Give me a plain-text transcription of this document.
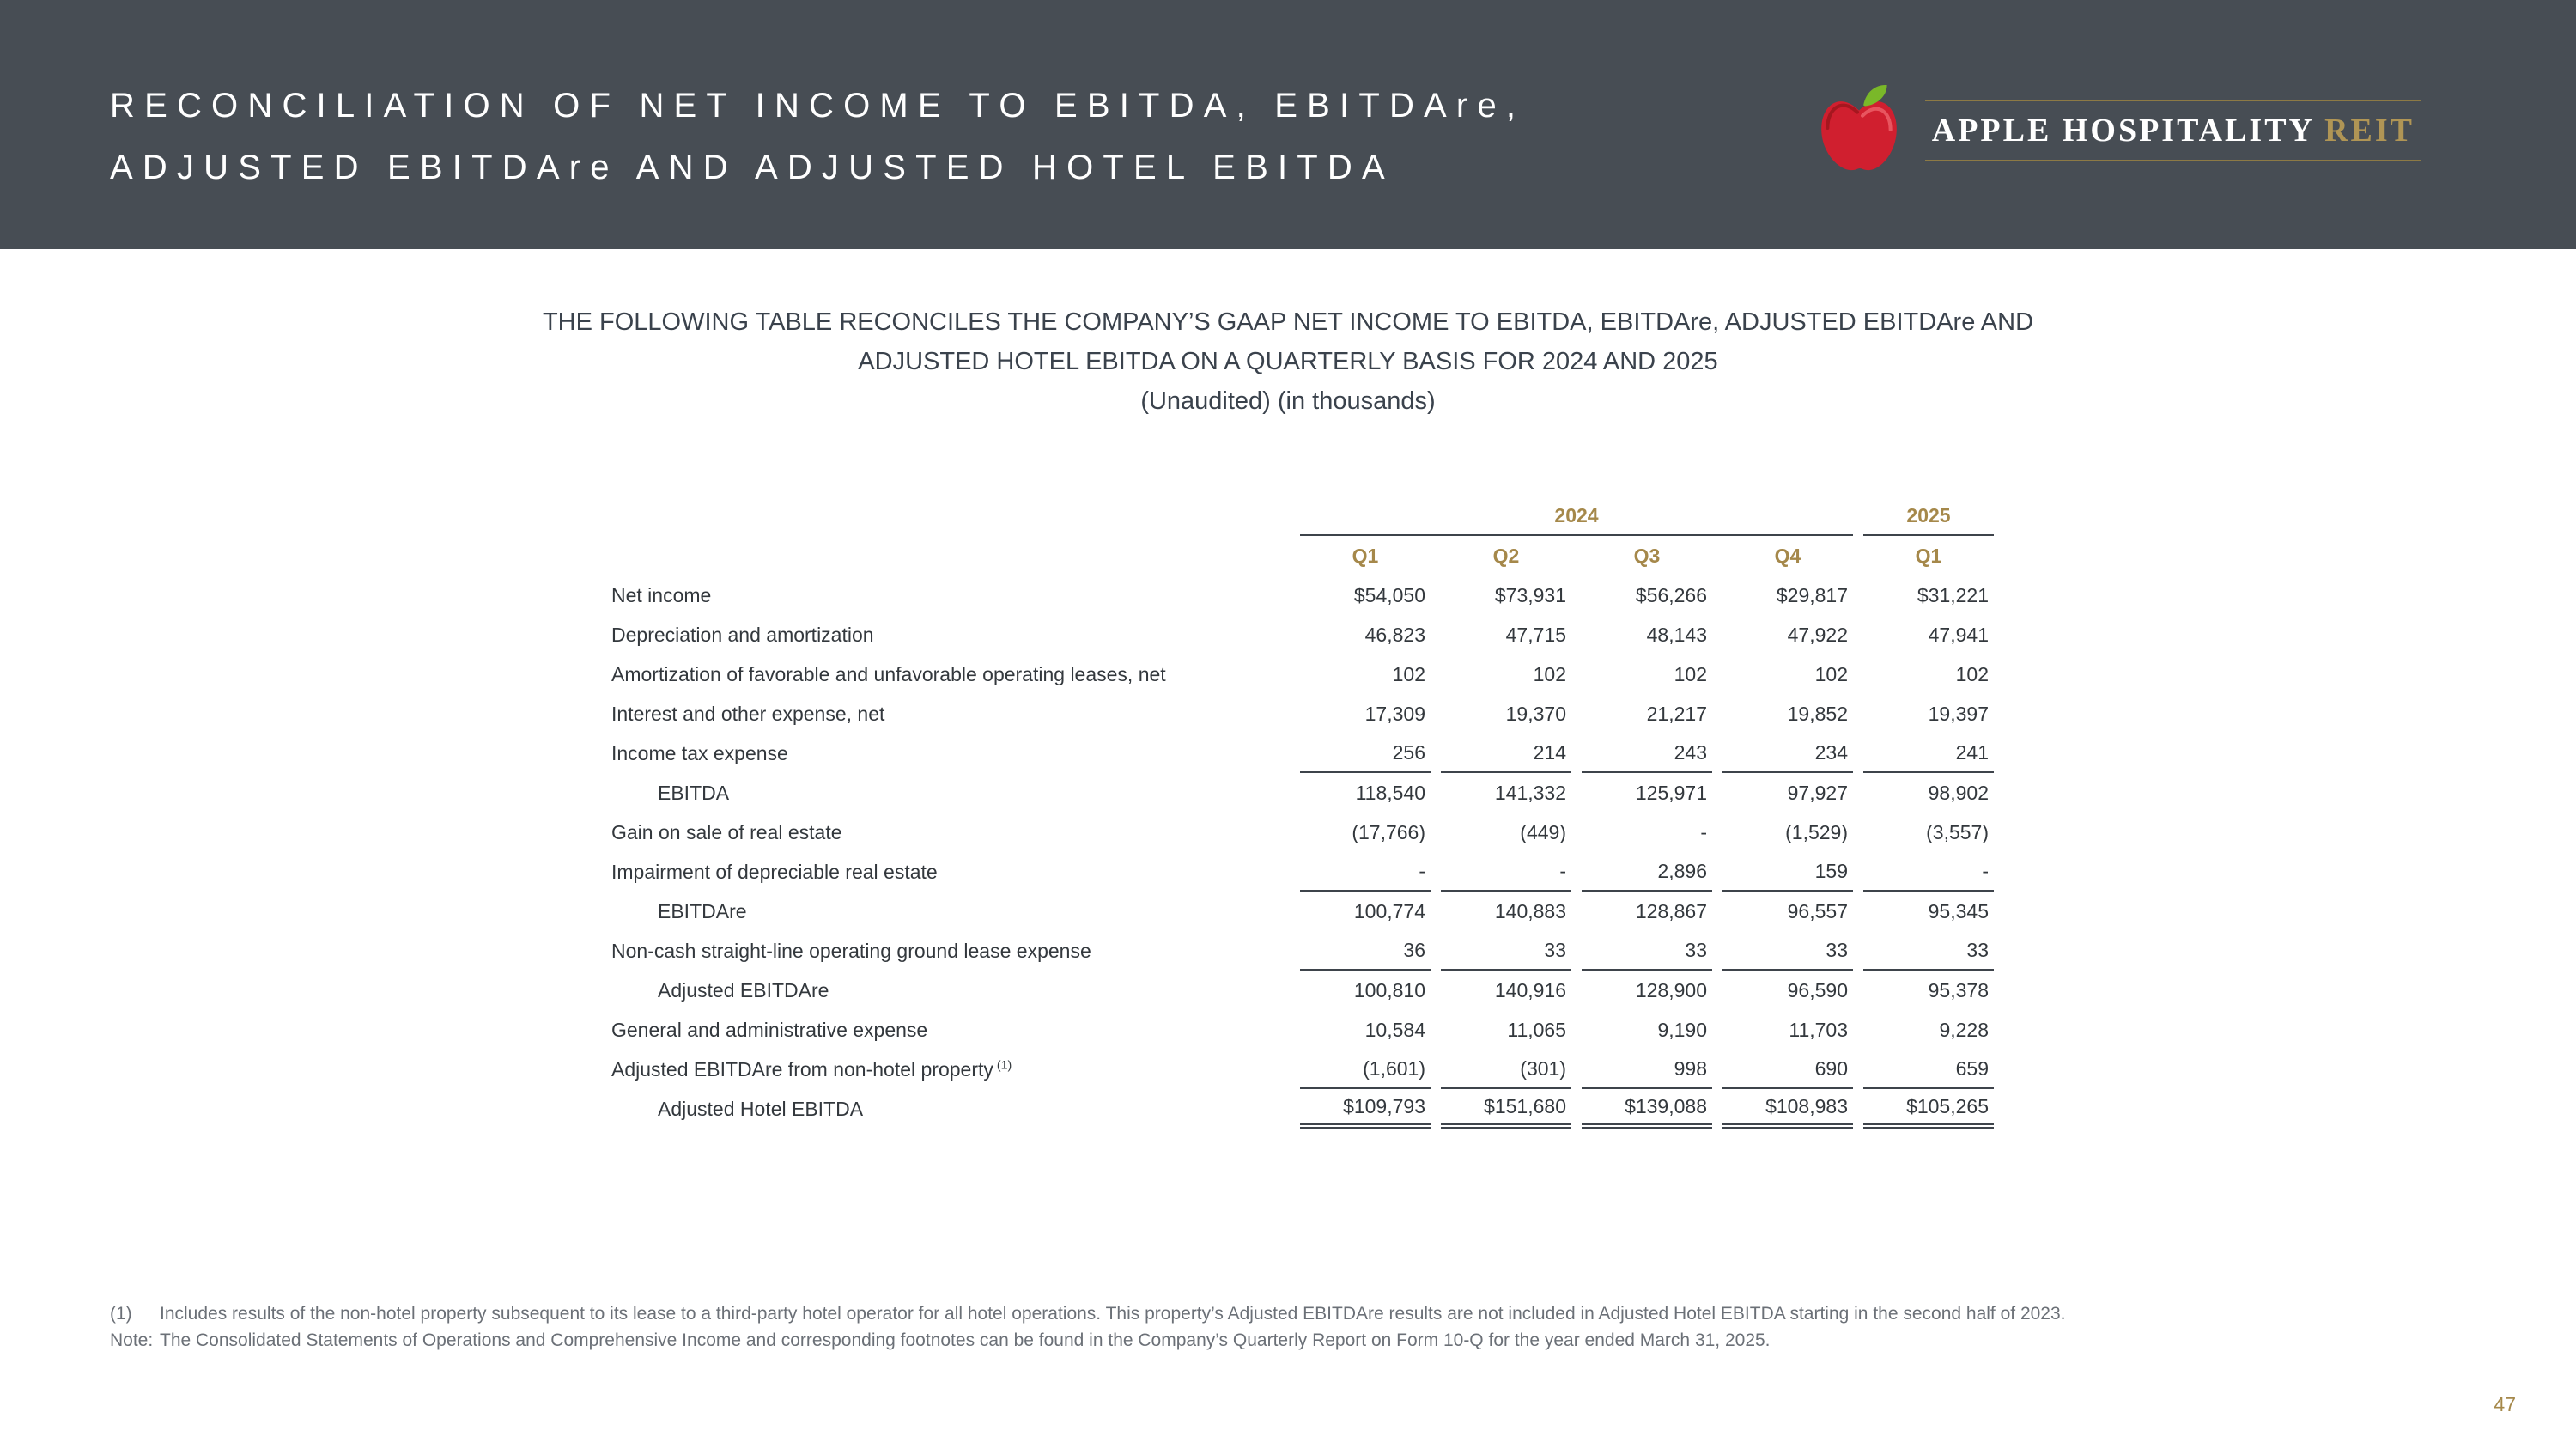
RECONCILIATION OF NET INCOME TO EBITDA, EBITDAre,
ADJUSTED EBITDAre AND ADJUSTED HOTEL EBITDA
APPLE HOSPITALITY REIT
THE FOLLOWING TABLE RECONCILES THE COMPANY’S GAAP NET INCOME TO EBITDA, EBITDAre, ADJUSTED EBITDAre AND
ADJUSTED HOTEL EBITDA ON A QUARTERLY BASIS FOR 2024 AND 2025
(Unaudited) (in thousands)
	2024				2025
	Q1	Q2	Q3	Q4	Q1
Net income	$54,050	$73,931	$56,266	$29,817	$31,221
Depreciation and amortization	46,823	47,715	48,143	47,922	47,941
Amortization of favorable and unfavorable operating leases, net	102	102	102	102	102
Interest and other expense, net	17,309	19,370	21,217	19,852	19,397
Income tax expense	256	214	243	234	241
EBITDA	118,540	141,332	125,971	97,927	98,902
Gain on sale of real estate	(17,766)	(449)	-	(1,529)	(3,557)
Impairment of depreciable real estate	-	-	2,896	159	-
EBITDAre	100,774	140,883	128,867	96,557	95,345
Non-cash straight-line operating ground lease expense	36	33	33	33	33
Adjusted EBITDAre	100,810	140,916	128,900	96,590	95,378
General and administrative expense	10,584	11,065	9,190	11,703	9,228
Adjusted EBITDAre from non-hotel property $^{(1)}$	(1,601)	(301)	998	690	659
Adjusted Hotel EBITDA	$109,793	$151,680	$139,088	$108,983	$105,265
(1)	Includes results of the non-hotel property subsequent to its lease to a third-party hotel operator for all hotel operations. This property’s Adjusted EBITDAre results are not included in Adjusted Hotel EBITDA starting in the second half of 2023.
Note: The Consolidated Statements of Operations and Comprehensive Income and corresponding footnotes can be found in the Company’s Quarterly Report on Form 10-Q for the year ended March 31, 2025.
47
